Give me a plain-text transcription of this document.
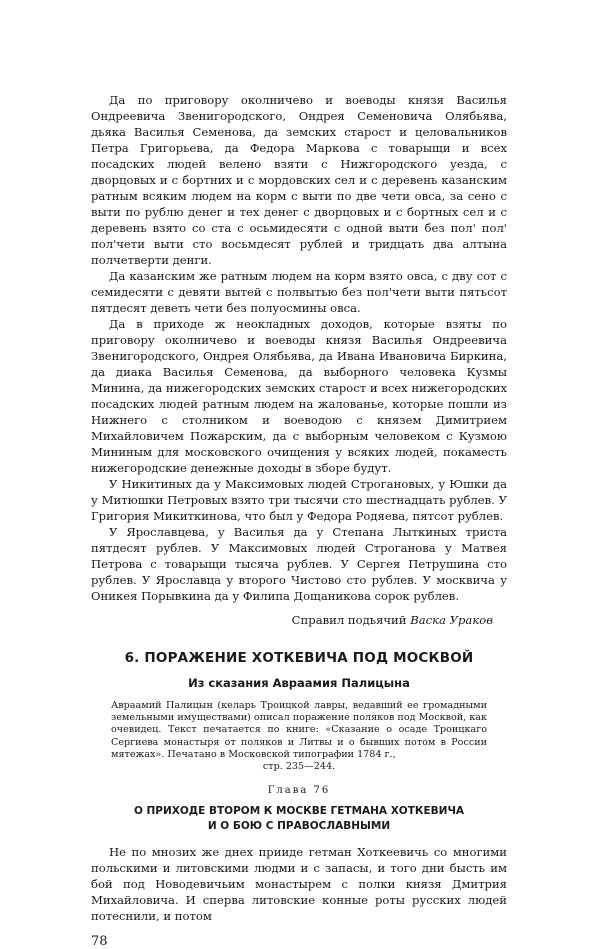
Да по приговору околничево и воеводы князя Василья Ондреевича Звенигородского, Ондрея Семеновича Олябьява, дьяка Василья Семенова, да земских старост и целовальников Петра Григорьева, да Федора Маркова с товарыщи и всех посадских людей велено взяти с Нижгородского уезда, с дворцовых и с бортних и с мордовских сел и с деревень казанским ратным всяким людем на корм с выти по две чети овса, за сено с выти по рублю денег и тех денег с дворцовых и с бортных сел и с деревень взято со ста с осьмидесяти с одной выти без пол' пол' пол'чети выти сто восьмдесят рублей и тридцать два алтына полчетверти денги.

Да казанским же ратным людем на корм взято овса, с дву сот с семидесяти с девяти вытей с полвытью без пол'чети выти пятьсот пятдесят деветь чети без полуосмины овса.

Да в приходе ж неокладных доходов, которые взяты по приговору околничево и воеводы князя Василья Ондреевича Звенигородского, Ондрея Олябьява, да Ивана Ивановича Биркина, да диака Василья Семенова, да выборного человека Кузмы Минина, да нижегородских земских старост и всех нижегородских посадских людей ратным людем на жалованье, которые пошли из Нижнего с столником и воеводою с князем Димитрием Михайловичем Пожарским, да с выборным человеком с Кузмою Мининым для московского очищения у всяких людей, покаместь нижегородские денежные доходы в зборе будут.

У Никитиных да у Максимовых людей Строгановых, у Юшки да у Митюшки Петровых взято три тысячи сто шестнадцать рублев. У Григория Микиткинова, что был у Федора Родяева, пятсот рублев.

У Ярославцева, у Василья да у Степана Лыткиных триста пятдесят рублев. У Максимовых людей Строганова у Матвея Петрова с товарыщи тысяча рублев. У Сергея Петрушина сто рублев. У Ярославца у второго Чистово сто рублев. У москвича у Оникея Порывкина да у Филипа Дощаникова сорок рублев.

Справил подьячий Васка Ураков

6. ПОРАЖЕНИЕ ХОТКЕВИЧА ПОД МОСКВОЙ
Из сказания Авраамия Палицына

Авраамий Палицын (келарь Троицкой лавры, ведавший ее громадными земельными имуществами) описал поражение поляков под Москвой, как очевидец. Текст печатается по книге: «Сказание о осаде Троицкаго Сергиева монастыря от поляков и Литвы и о бывших потом в России мятежах». Печатано в Московской типографии 1784 г.,

стр. 235—244.

Глава 76
О ПРИХОДЕ ВТОРОМ К МОСКВЕ ГЕТМАНА ХОТКЕВИЧА
И О БОЮ С ПРАВОСЛАВНЫМИ

Не по мнозих же днех прииде гетман Хоткеевичь со многими польскими и литовскими людми и с запасы, и того дни бысть им бой под Новодевичьим монастырем с полки князя Дмитрия Михайловича. И сперва литовские конные роты русских людей потеснили, и потом

78
